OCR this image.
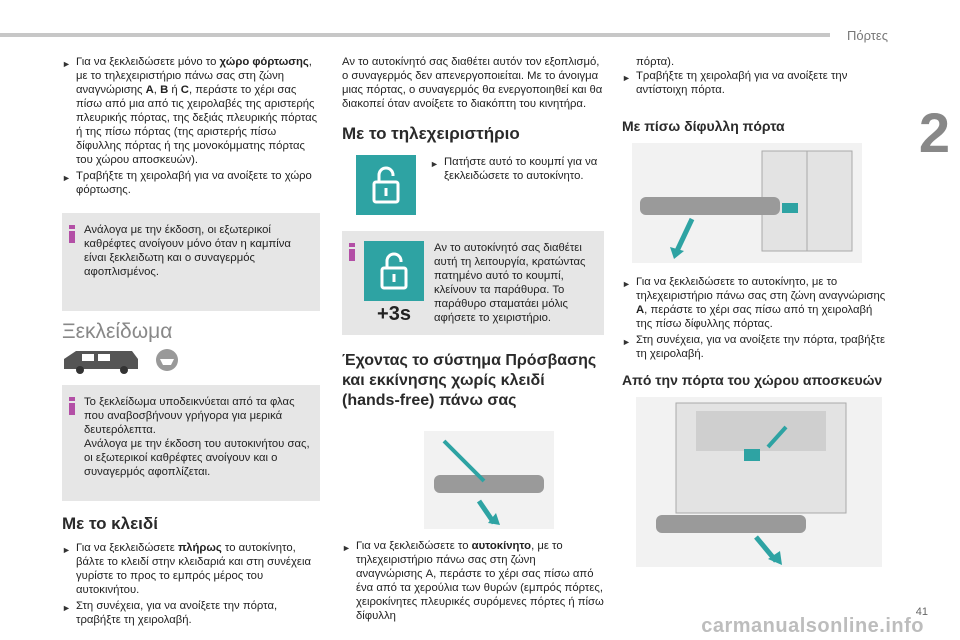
Πόρτες
2
41
carmanualsonline.info
► Για να ξεκλειδώσετε μόνο το χώρο φόρτωσης, με το τηλεχειριστήριο πάνω σας στη ζώνη αναγνώρισης A, B ή C, περάστε το χέρι σας πίσω από μια από τις χειρολαβές της αριστερής πλευρικής πόρτας, της δεξιάς πλευρικής πόρτας ή της πίσω πόρτας (της αριστερής πίσω δίφυλλης πόρτας ή της μονοκόμματης πόρτας του χώρου αποσκευών).
► Τραβήξτε τη χειρολαβή για να ανοίξετε το χώρο φόρτωσης.
Ανάλογα με την έκδοση, οι εξωτερικοί καθρέφτες ανοίγουν μόνο όταν η καμπίνα είναι ξεκλειδωτη και ο συναγερμός αφοπλισμένος.
Ξεκλείδωμα
Το ξεκλείδωμα υποδεικνύεται από τα φλας που αναβοσβήνουν γρήγορα για μερικά δευτερόλεπτα.
Ανάλογα με την έκδοση του αυτοκινήτου σας, οι εξωτερικοί καθρέφτες ανοίγουν και ο συναγερμός αφοπλίζεται.
Με το κλειδί
► Για να ξεκλειδώσετε πλήρως το αυτοκίνητο, βάλτε το κλειδί στην κλειδαριά και στη συνέχεια γυρίστε το προς το εμπρός μέρος του αυτοκινήτου.
► Στη συνέχεια, για να ανοίξετε την πόρτα, τραβήξτε τη χειρολαβή.
Αν το αυτοκίνητό σας διαθέτει αυτόν τον εξοπλισμό, ο συναγερμός δεν απενεργοποιείται. Με το άνοιγμα μιας πόρτας, ο συναγερμός θα ενεργοποιηθεί και θα διακοπεί όταν ανοίξετε το διακόπτη του κινητήρα.
Με το τηλεχειριστήριο
► Πατήστε αυτό το κουμπί για να ξεκλειδώσετε το αυτοκίνητο.
+3s
Αν το αυτοκίνητό σας διαθέτει αυτή τη λειτουργία, κρατώντας πατημένο αυτό το κουμπί, κλείνουν τα παράθυρα. Το παράθυρο σταματάει μόλις αφήσετε το χειριστήριο.
Έχοντας το σύστημα Πρόσβασης και εκκίνησης χωρίς κλειδί (hands-free) πάνω σας
► Για να ξεκλειδώσετε το αυτοκίνητο, με το τηλεχειριστήριο πάνω σας στη ζώνη αναγνώρισης A, περάστε το χέρι σας πίσω από ένα από τα χερούλια των θυρών (εμπρός πόρτες, χειροκίνητες πλευρικές συρόμενες πόρτες ή πίσω δίφυλλη
πόρτα).
► Τραβήξτε τη χειρολαβή για να ανοίξετε την αντίστοιχη πόρτα.
Με πίσω δίφυλλη πόρτα
► Για να ξεκλειδώσετε το αυτοκίνητο, με το τηλεχειριστήριο πάνω σας στη ζώνη αναγνώρισης A, περάστε το χέρι σας πίσω από τη χειρολαβή της πίσω δίφυλλης πόρτας.
► Στη συνέχεια, για να ανοίξετε την πόρτα, τραβήξτε τη χειρολαβή.
Από την πόρτα του χώρου αποσκευών
